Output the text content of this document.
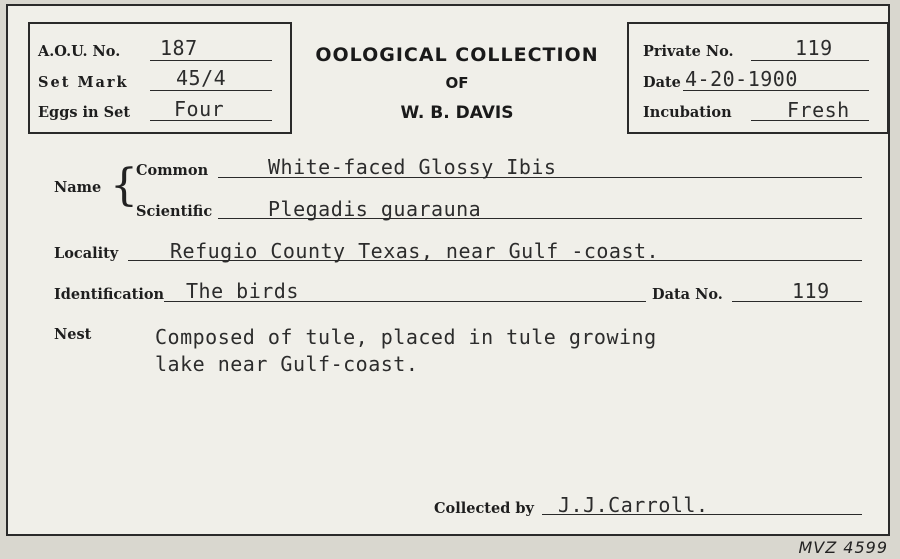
A.O.U. No. 187
Set Mark 45/4
Eggs in Set Four
OOLOGICAL COLLECTION
OF
W. B. DAVIS
Private No.	119
Date 4-20-1900
Incubation	Fresh
Name {
Common	White-faced Glossy Ibis
Scientific	Plegadis guarauna
Locality	Refugio County Texas, near Gulf -coast.
Identification The birds	Data No.	119
Nest	Composed of tule, placed in tule growing
lake near Gulf-coast.
Collected by J.J.Carroll.
MVZ 4599
